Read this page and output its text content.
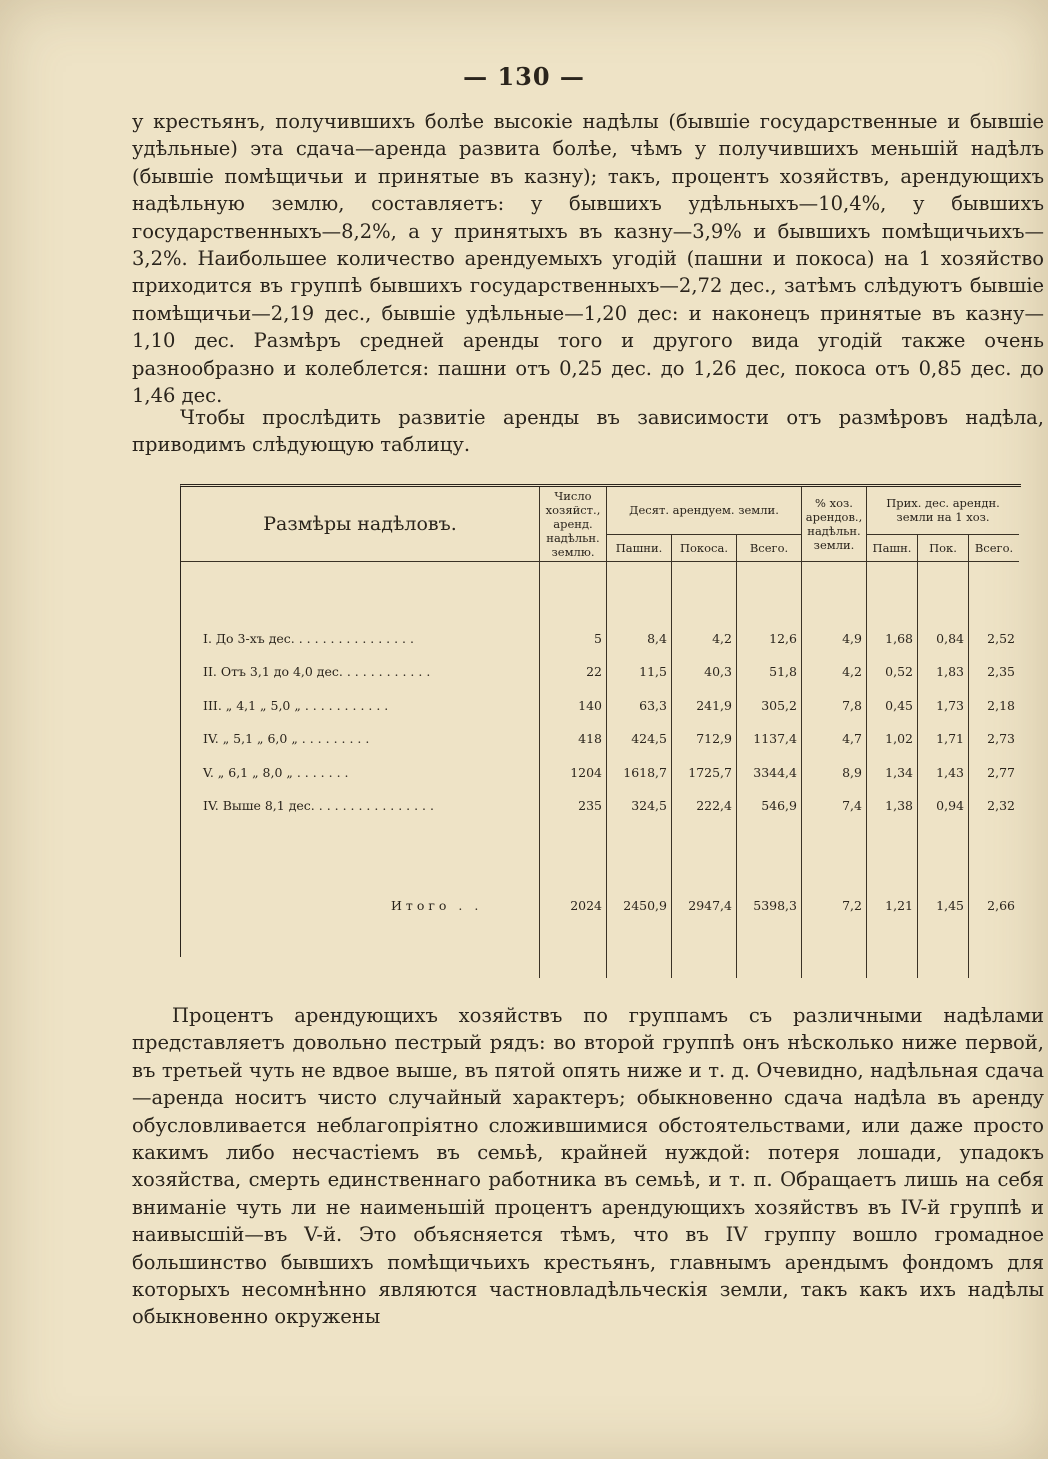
— 130 —

у крестьянъ, получившихъ болѣе высокіе надѣлы (бывшіе государственные и бывшіе удѣльные) эта сдача—аренда развита болѣе, чѣмъ у получившихъ меньшій надѣлъ (бывшіе помѣщичьи и принятые въ казну); такъ, процентъ хозяйствъ, арендующихъ надѣльную землю, составляетъ: у бывшихъ удѣльныхъ—10,4%, у бывшихъ государственныхъ—8,2%, а у принятыхъ въ казну—3,9% и бывшихъ помѣщичьихъ—3,2%. Наибольшее количество арендуемыхъ угодій (пашни и покоса) на 1 хозяйство приходится въ группѣ бывшихъ государственныхъ—2,72 дес., затѣмъ слѣдуютъ бывшіе помѣщичьи—2,19 дес., бывшіе удѣльные—1,20 дес: и наконецъ принятые въ казну—1,10 дес. Размѣръ средней аренды того и другого вида угодій также очень разнообразно и колеблется: пашни отъ 0,25 дес. до 1,26 дес, покоса отъ 0,85 дес. до 1,46 дес.

Чтобы прослѣдить развитіе аренды въ зависимости отъ размѣровъ надѣла, приводимъ слѣдующую таблицу.

Размѣры надѣловъ.	Число хозяйст., аренд. надѣльн. землю.	Десят. арендуем. земли.			% хоз. арендов., надѣльн. земли.	Прих. дес. арендн. земли на 1 хоз.		
		Пашни.	Покоса.	Всего.		Пашн.	Пок.	Всего.

I. До 3-хъ дес. . . . . . . . . . . . . . . .	5	8,4	4,2	12,6	4,9	1,68	0,84	2,52
II. Отъ 3,1 до 4,0 дес. . . . . . . . . . . .	22	11,5	40,3	51,8	4,2	0,52	1,83	2,35
III. „ 4,1 „ 5,0 „ . . . . . . . . . . .	140	63,3	241,9	305,2	7,8	0,45	1,73	2,18
IV. „ 5,1 „ 6,0 „ . . . . . . . . .	418	424,5	712,9	1137,4	4,7	1,02	1,71	2,73
V. „ 6,1 „ 8,0 „ . . . . . . .	1204	1618,7	1725,7	3344,4	8,9	1,34	1,43	2,77
IV. Выше 8,1 дес. . . . . . . . . . . . . . . .	235	324,5	222,4	546,9	7,4	1,38	0,94	2,32

Итого . .	2024	2450,9	2947,4	5398,3	7,2	1,21	1,45	2,66

Процентъ арендующихъ хозяйствъ по группамъ съ различными надѣлами представляетъ довольно пестрый рядъ: во второй группѣ онъ нѣсколько ниже первой, въ третьей чуть не вдвое выше, въ пятой опять ниже и т. д. Очевидно, надѣльная сдача—аренда носитъ чисто случайный характеръ; обыкновенно сдача надѣла въ аренду обусловливается неблагопріятно сложившимися обстоятельствами, или даже просто какимъ либо несчастіемъ въ семьѣ, крайней нуждой: потеря лошади, упадокъ хозяйства, смерть единственнаго работника въ семьѣ, и т. п. Обращаетъ лишь на себя вниманіе чуть ли не наименьшій процентъ арендующихъ хозяйствъ въ IV-й группѣ и наивысшій—въ V-й. Это объясняется тѣмъ, что въ IV группу вошло громадное большинство бывшихъ помѣщичьихъ крестьянъ, главнымъ арендымъ фондомъ для которыхъ несомнѣнно являются частновладѣльческія земли, такъ какъ ихъ надѣлы обыкновенно окружены
